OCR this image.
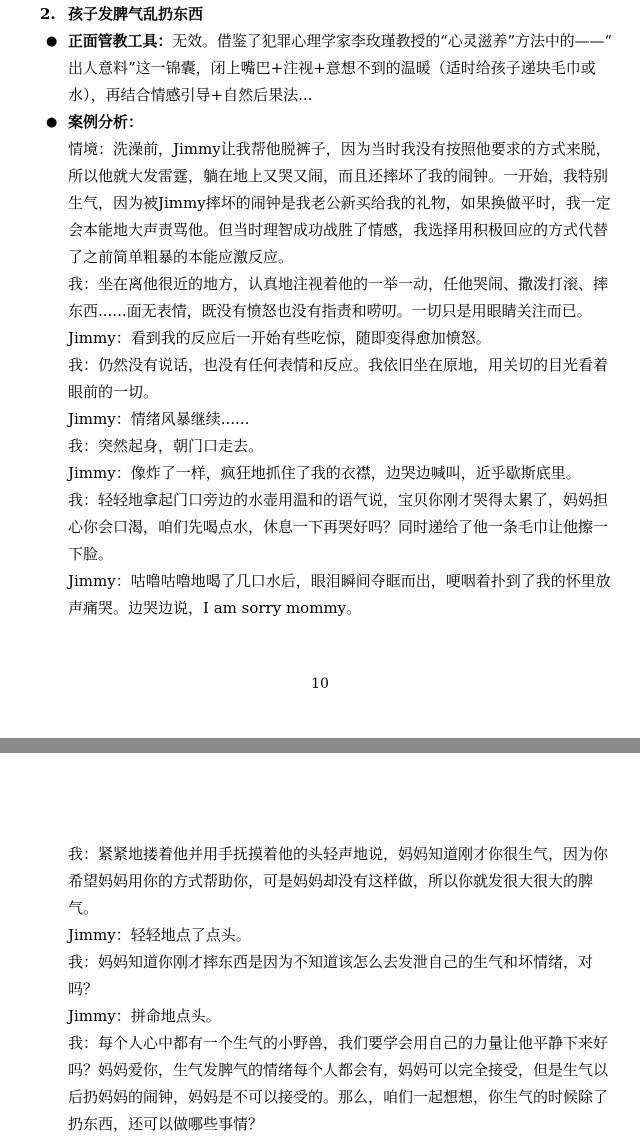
2. 孩子发脾气乱扔东西
● 正面管教工具：无效。借鉴了犯罪心理学家李玫瑾教授的“心灵滋养”方法中的——“
出人意料”这一锦囊，闭上嘴巴+注视+意想不到的温暖（适时给孩子递块毛巾或
水），再结合情感引导+自然后果法...
● 案例分析：
情境：洗澡前，Jimmy让我帮他脱裤子，因为当时我没有按照他要求的方式来脱，
所以他就大发雷霆，躺在地上又哭又闹，而且还摔坏了我的闹钟。一开始，我特别
生气，因为被Jimmy摔坏的闹钟是我老公新买给我的礼物，如果换做平时，我一定
会本能地大声责骂他。但当时理智成功战胜了情感，我选择用积极回应的方式代替
了之前简单粗暴的本能应激反应。
我：坐在离他很近的地方，认真地注视着他的一举一动，任他哭闹、撒泼打滚、摔
东西......面无表情，既没有愤怒也没有指责和唠叨。一切只是用眼睛关注而已。
Jimmy：看到我的反应后一开始有些吃惊，随即变得愈加愤怒。
我：仍然没有说话，也没有任何表情和反应。我依旧坐在原地，用关切的目光看着
眼前的一切。
Jimmy：情绪风暴继续......
我：突然起身，朝门口走去。
Jimmy：像炸了一样，疯狂地抓住了我的衣襟，边哭边喊叫，近乎歇斯底里。
我：轻轻地拿起门口旁边的水壶用温和的语气说，宝贝你刚才哭得太累了，妈妈担
心你会口渴，咱们先喝点水，休息一下再哭好吗？同时递给了他一条毛巾让他擦一
下脸。
Jimmy：咕噜咕噜地喝了几口水后，眼泪瞬间夺眶而出，哽咽着扑到了我的怀里放
声痛哭。边哭边说，I am sorry mommy。
10
我：紧紧地搂着他并用手抚摸着他的头轻声地说，妈妈知道刚才你很生气，因为你
希望妈妈用你的方式帮助你，可是妈妈却没有这样做，所以你就发很大很大的脾
气。
Jimmy：轻轻地点了点头。
我：妈妈知道你刚才摔东西是因为不知道该怎么去发泄自己的生气和坏情绪，对
吗？
Jimmy：拼命地点头。
我：每个人心中都有一个生气的小野兽，我们要学会用自己的力量让他平静下来好
吗？妈妈爱你，生气发脾气的情绪每个人都会有，妈妈可以完全接受，但是生气以
后扔妈妈的闹钟，妈妈是不可以接受的。那么，咱们一起想想，你生气的时候除了
扔东西，还可以做哪些事情？
